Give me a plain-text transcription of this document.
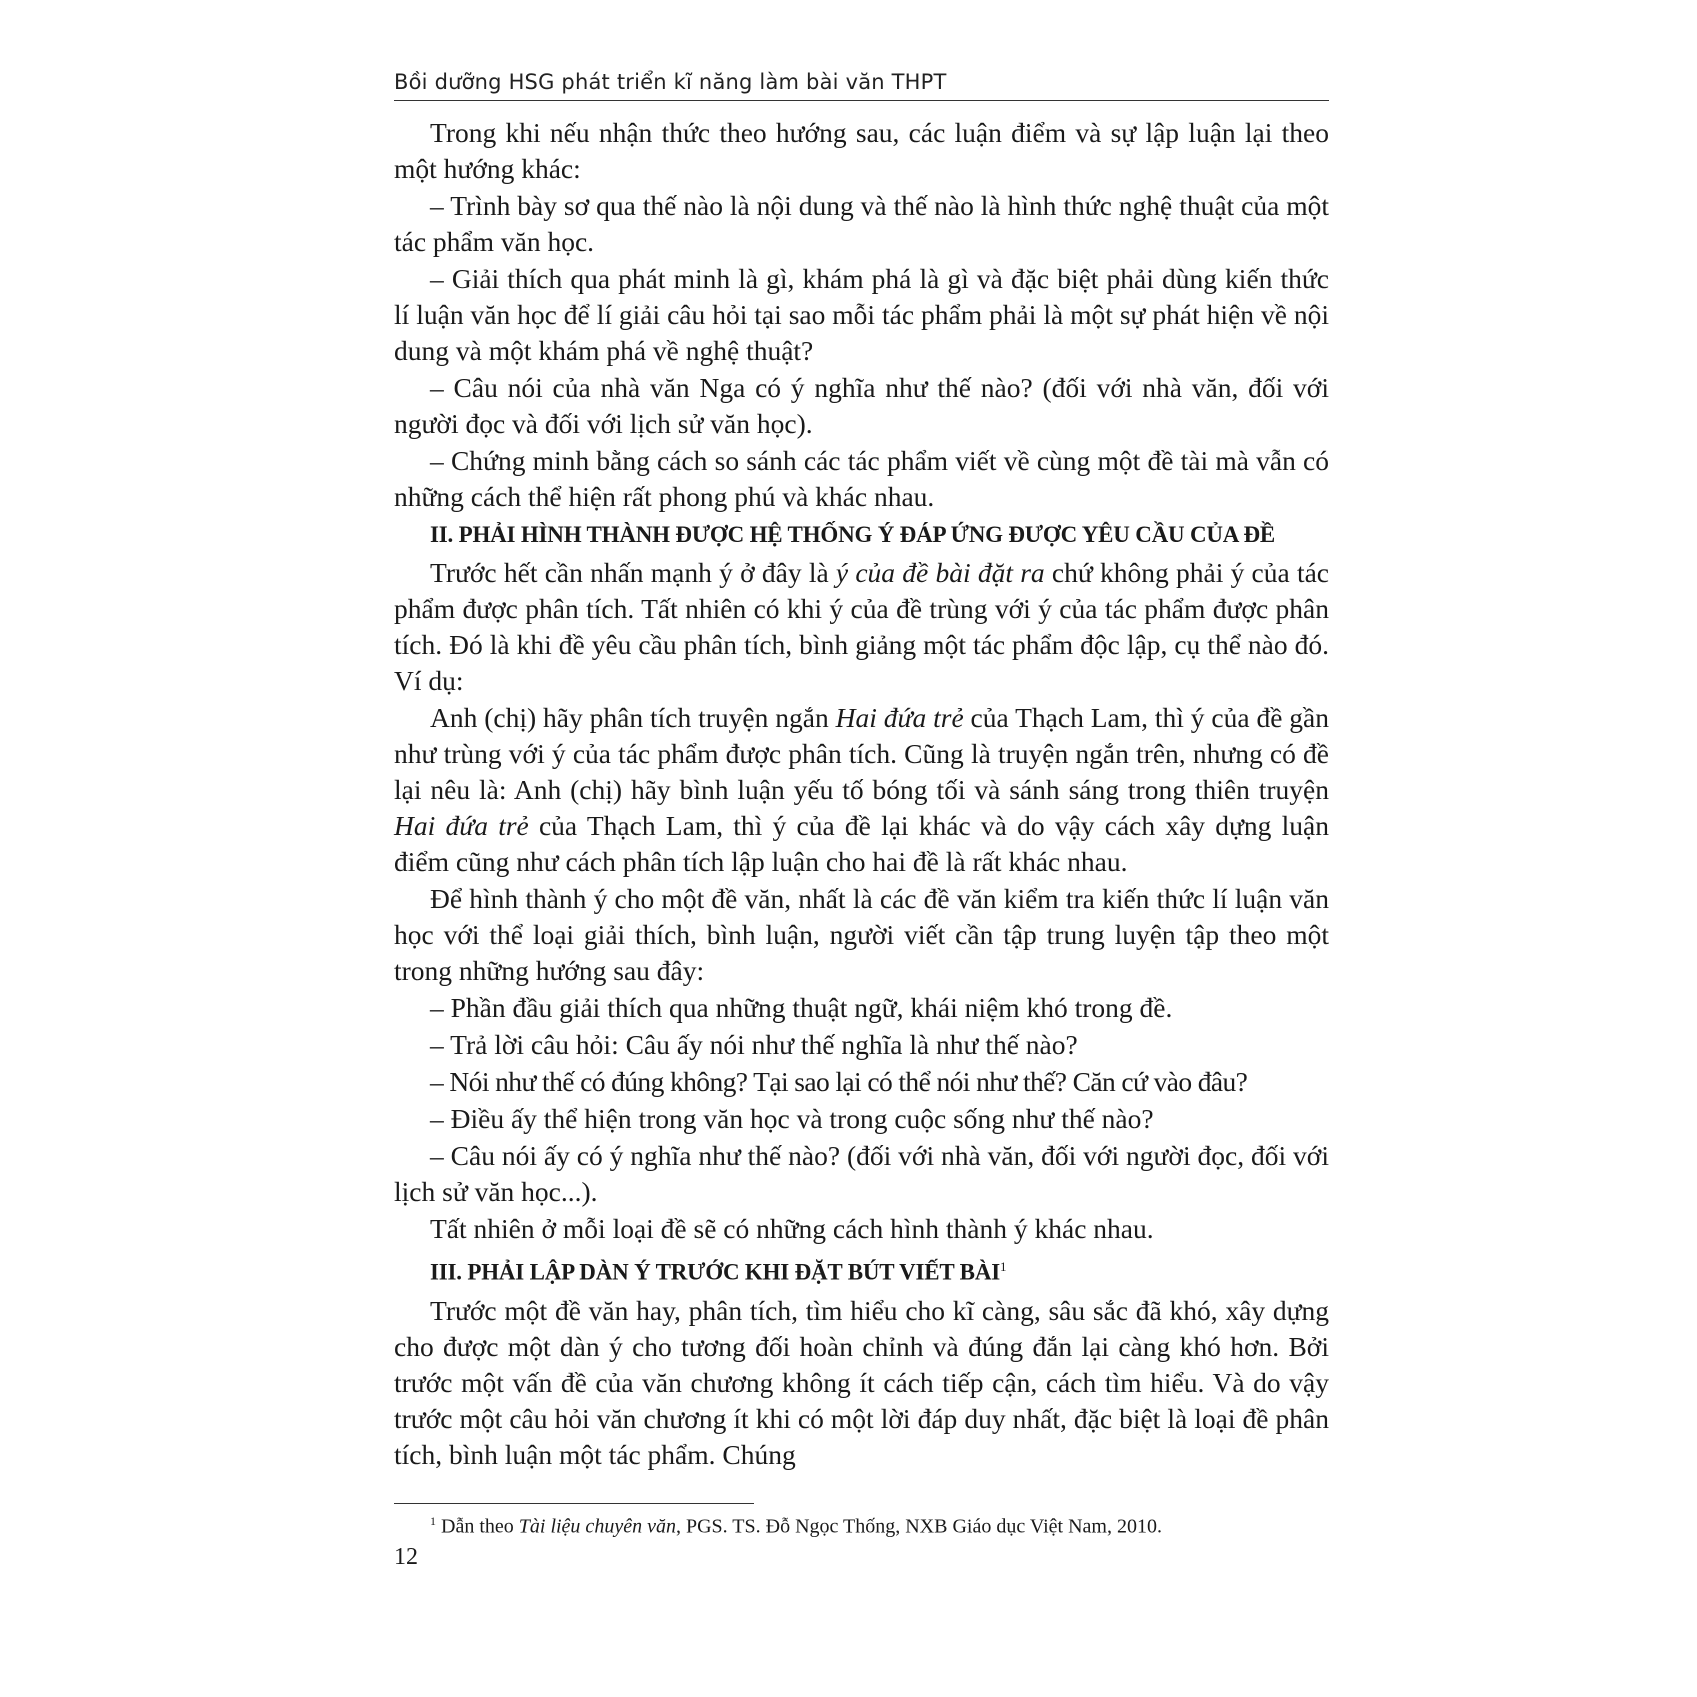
Bồi dưỡng HSG phát triển kĩ năng làm bài văn THPT

Trong khi nếu nhận thức theo hướng sau, các luận điểm và sự lập luận lại theo một hướng khác:

– Trình bày sơ qua thế nào là nội dung và thế nào là hình thức nghệ thuật của một tác phẩm văn học.

– Giải thích qua phát minh là gì, khám phá là gì và đặc biệt phải dùng kiến thức lí luận văn học để lí giải câu hỏi tại sao mỗi tác phẩm phải là một sự phát hiện về nội dung và một khám phá về nghệ thuật?

– Câu nói của nhà văn Nga có ý nghĩa như thế nào? (đối với nhà văn, đối với người đọc và đối với lịch sử văn học).

– Chứng minh bằng cách so sánh các tác phẩm viết về cùng một đề tài mà vẫn có những cách thể hiện rất phong phú và khác nhau.

II. PHẢI HÌNH THÀNH ĐƯỢC HỆ THỐNG Ý ĐÁP ỨNG ĐƯỢC YÊU CẦU CỦA ĐỀ

Trước hết cần nhấn mạnh ý ở đây là ý của đề bài đặt ra chứ không phải ý của tác phẩm được phân tích. Tất nhiên có khi ý của đề trùng với ý của tác phẩm được phân tích. Đó là khi đề yêu cầu phân tích, bình giảng một tác phẩm độc lập, cụ thể nào đó. Ví dụ:

Anh (chị) hãy phân tích truyện ngắn Hai đứa trẻ của Thạch Lam, thì ý của đề gần như trùng với ý của tác phẩm được phân tích. Cũng là truyện ngắn trên, nhưng có đề lại nêu là: Anh (chị) hãy bình luận yếu tố bóng tối và sánh sáng trong thiên truyện Hai đứa trẻ của Thạch Lam, thì ý của đề lại khác và do vậy cách xây dựng luận điểm cũng như cách phân tích lập luận cho hai đề là rất khác nhau.

Để hình thành ý cho một đề văn, nhất là các đề văn kiểm tra kiến thức lí luận văn học với thể loại giải thích, bình luận, người viết cần tập trung luyện tập theo một trong những hướng sau đây:

– Phần đầu giải thích qua những thuật ngữ, khái niệm khó trong đề.

– Trả lời câu hỏi: Câu ấy nói như thế nghĩa là như thế nào?

– Nói như thế có đúng không? Tại sao lại có thể nói như thế? Căn cứ vào đâu?

– Điều ấy thể hiện trong văn học và trong cuộc sống như thế nào?

– Câu nói ấy có ý nghĩa như thế nào? (đối với nhà văn, đối với người đọc, đối với lịch sử văn học...).

Tất nhiên ở mỗi loại đề sẽ có những cách hình thành ý khác nhau.

III. PHẢI LẬP DÀN Ý TRƯỚC KHI ĐẶT BÚT VIẾT BÀI$^1$

Trước một đề văn hay, phân tích, tìm hiểu cho kĩ càng, sâu sắc đã khó, xây dựng cho được một dàn ý cho tương đối hoàn chỉnh và đúng đắn lại càng khó hơn. Bởi trước một vấn đề của văn chương không ít cách tiếp cận, cách tìm hiểu. Và do vậy trước một câu hỏi văn chương ít khi có một lời đáp duy nhất, đặc biệt là loại đề phân tích, bình luận một tác phẩm. Chúng

$^1$ Dẫn theo Tài liệu chuyên văn, PGS. TS. Đỗ Ngọc Thống, NXB Giáo dục Việt Nam, 2010.
12
